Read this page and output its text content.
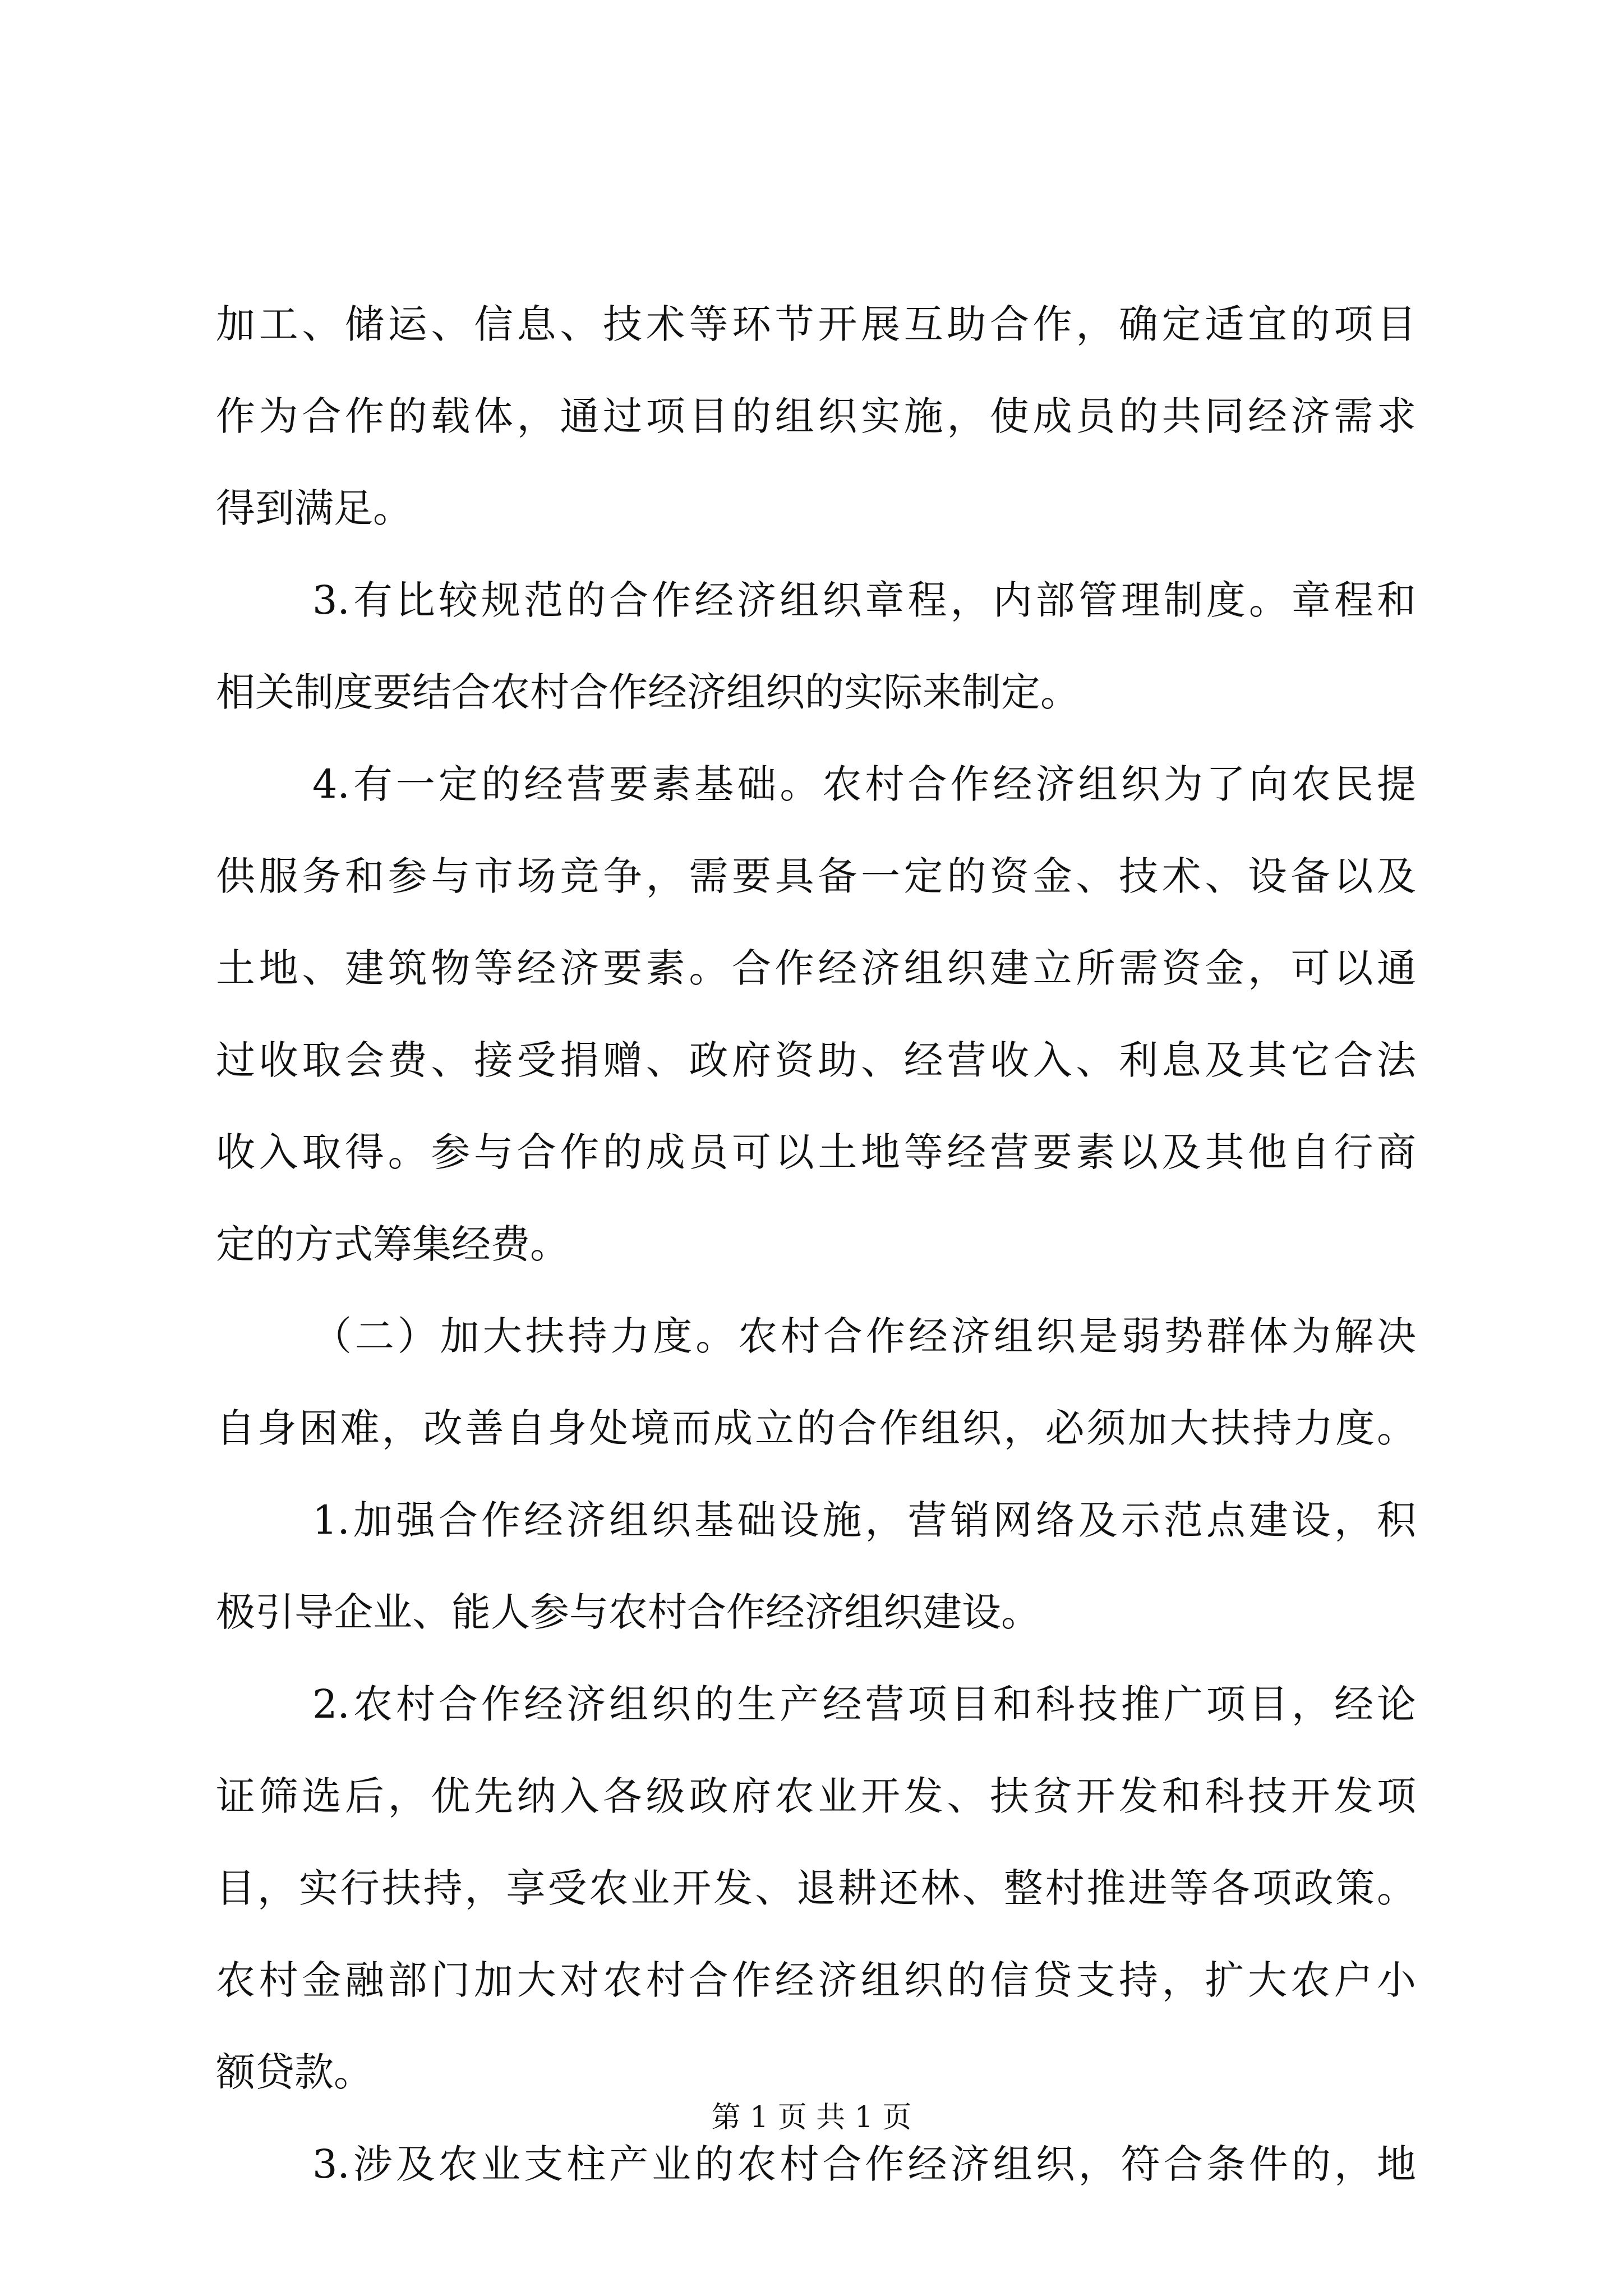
加工、储运、信息、技术等环节开展互助合作，确定适宜的项目
作为合作的载体，通过项目的组织实施，使成员的共同经济需求
得到满足。
3.有比较规范的合作经济组织章程，内部管理制度。章程和
相关制度要结合农村合作经济组织的实际来制定。
4.有一定的经营要素基础。农村合作经济组织为了向农民提
供服务和参与市场竞争，需要具备一定的资金、技术、设备以及
土地、建筑物等经济要素。合作经济组织建立所需资金，可以通
过收取会费、接受捐赠、政府资助、经营收入、利息及其它合法
收入取得。参与合作的成员可以土地等经营要素以及其他自行商
定的方式筹集经费。
（二）加大扶持力度。农村合作经济组织是弱势群体为解决
自身困难，改善自身处境而成立的合作组织，必须加大扶持力度。
1.加强合作经济组织基础设施，营销网络及示范点建设，积
极引导企业、能人参与农村合作经济组织建设。
2.农村合作经济组织的生产经营项目和科技推广项目，经论
证筛选后，优先纳入各级政府农业开发、扶贫开发和科技开发项
目，实行扶持，享受农业开发、退耕还林、整村推进等各项政策。
农村金融部门加大对农村合作经济组织的信贷支持，扩大农户小
额贷款。
3.涉及农业支柱产业的农村合作经济组织，符合条件的，地
第 1 页 共 1 页
